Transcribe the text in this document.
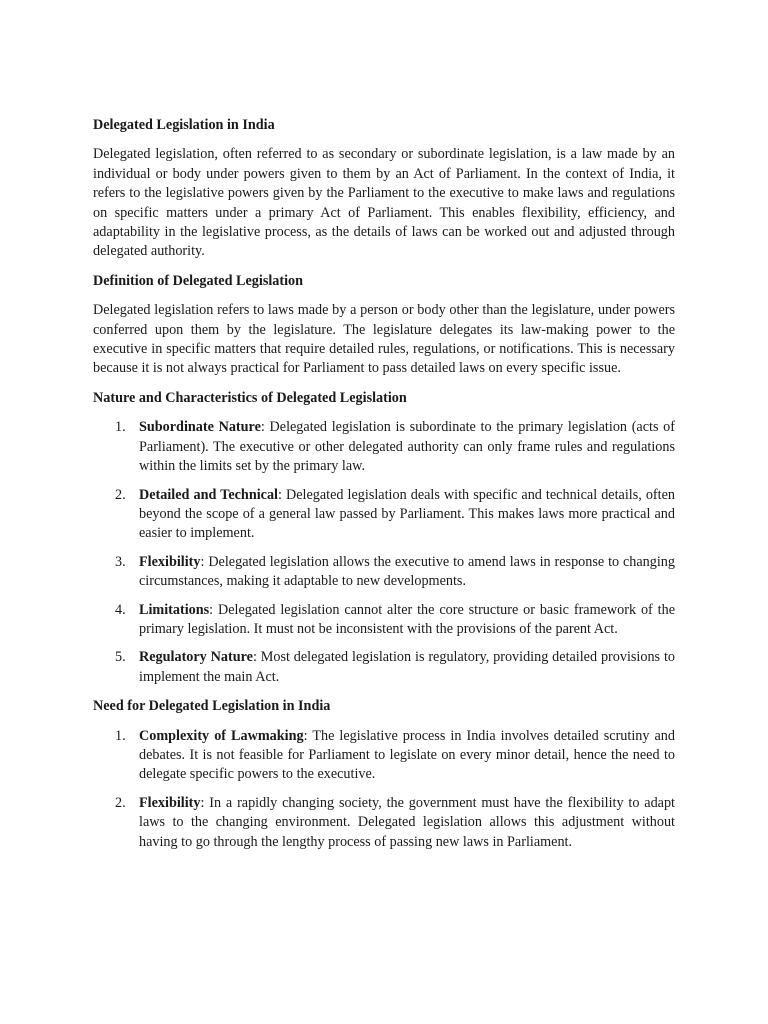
Delegated Legislation in India

Delegated legislation, often referred to as secondary or subordinate legislation, is a law made by an individual or body under powers given to them by an Act of Parliament. In the context of India, it refers to the legislative powers given by the Parliament to the executive to make laws and regulations on specific matters under a primary Act of Parliament. This enables flexibility, efficiency, and adaptability in the legislative process, as the details of laws can be worked out and adjusted through delegated authority.

Definition of Delegated Legislation

Delegated legislation refers to laws made by a person or body other than the legislature, under powers conferred upon them by the legislature. The legislature delegates its law-making power to the executive in specific matters that require detailed rules, regulations, or notifications. This is necessary because it is not always practical for Parliament to pass detailed laws on every specific issue.

Nature and Characteristics of Delegated Legislation
1. Subordinate Nature: Delegated legislation is subordinate to the primary legislation (acts of Parliament). The executive or other delegated authority can only frame rules and regulations within the limits set by the primary law.
2. Detailed and Technical: Delegated legislation deals with specific and technical details, often beyond the scope of a general law passed by Parliament. This makes laws more practical and easier to implement.
3. Flexibility: Delegated legislation allows the executive to amend laws in response to changing circumstances, making it adaptable to new developments.
4. Limitations: Delegated legislation cannot alter the core structure or basic framework of the primary legislation. It must not be inconsistent with the provisions of the parent Act.
5. Regulatory Nature: Most delegated legislation is regulatory, providing detailed provisions to implement the main Act.
Need for Delegated Legislation in India
1. Complexity of Lawmaking: The legislative process in India involves detailed scrutiny and debates. It is not feasible for Parliament to legislate on every minor detail, hence the need to delegate specific powers to the executive.
2. Flexibility: In a rapidly changing society, the government must have the flexibility to adapt laws to the changing environment. Delegated legislation allows this adjustment without having to go through the lengthy process of passing new laws in Parliament.
